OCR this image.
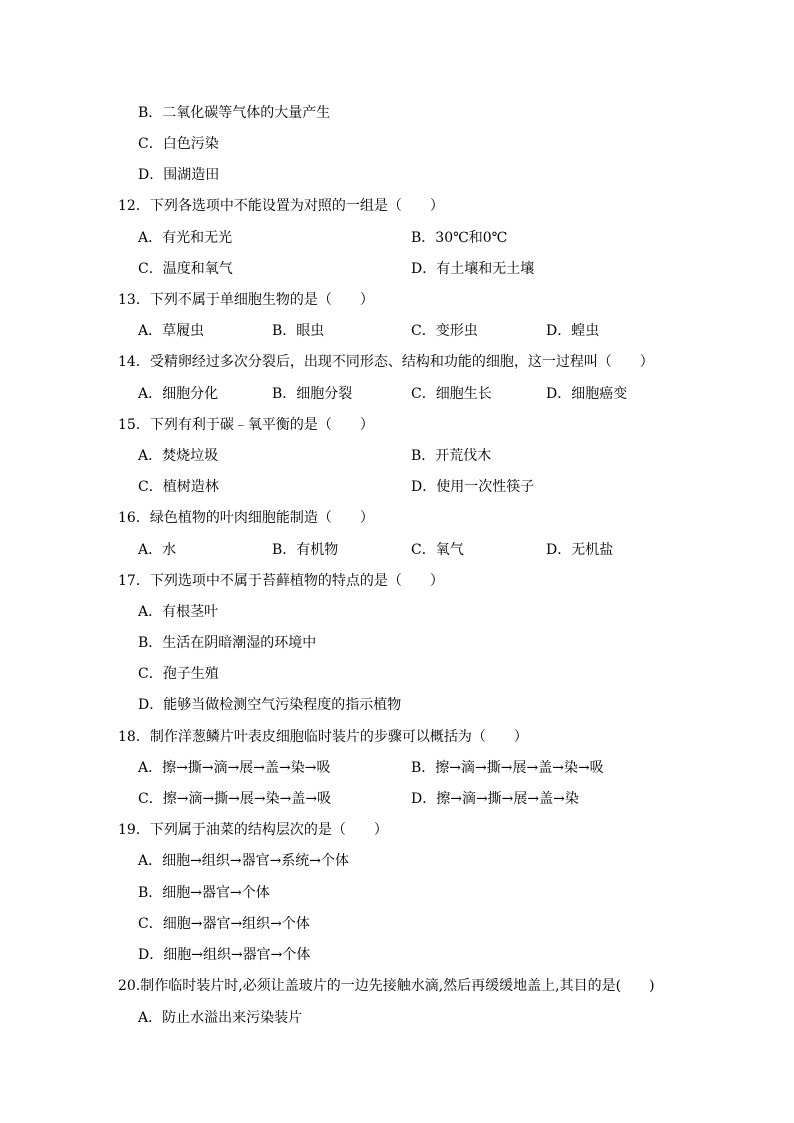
B．二氧化碳等气体的大量产生
C．白色污染
D．围湖造田
12．下列各选项中不能设置为对照的一组是（　　）
A．有光和无光	B．30℃和0℃
C．温度和氧气	D．有土壤和无土壤
13．下列不属于单细胞生物的是（　　）
A．草履虫	B．眼虫	C．变形虫	D．蝗虫
14．受精卵经过多次分裂后，出现不同形态、结构和功能的细胞，这一过程叫（　　）
A．细胞分化	B．细胞分裂	C．细胞生长	D．细胞癌变
15．下列有利于碳﹣氧平衡的是（　　）
A．焚烧垃圾	B．开荒伐木
C．植树造林	D．使用一次性筷子
16．绿色植物的叶肉细胞能制造（　　）
A．水	B．有机物	C．氧气	D．无机盐
17．下列选项中不属于苔藓植物的特点的是（　　）
A．有根茎叶
B．生活在阴暗潮湿的环境中
C．孢子生殖
D．能够当做检测空气污染程度的指示植物
18．制作洋葱鳞片叶表皮细胞临时装片的步骤可以概括为（　　）
A．擦→撕→滴→展→盖→染→吸	B．擦→滴→撕→展→盖→染→吸
C．擦→滴→撕→展→染→盖→吸	D．擦→滴→撕→展→盖→染
19．下列属于油菜的结构层次的是（　　）
A．细胞→组织→器官→系统→个体
B．细胞→器官→个体
C．细胞→器官→组织→个体
D．细胞→组织→器官→个体
20.制作临时装片时,必须让盖玻片的一边先接触水滴,然后再缓缓地盖上,其目的是(　　)
A．防止水溢出来污染装片
